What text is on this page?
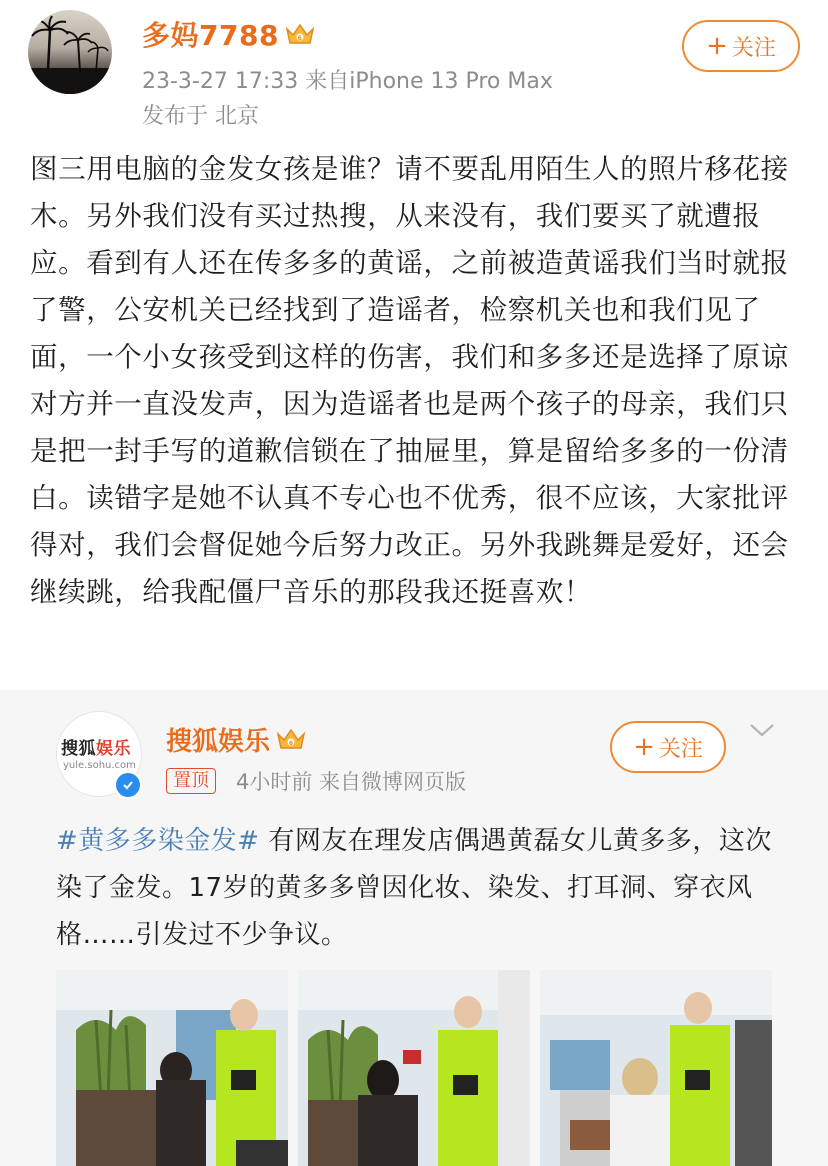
多妈7788	6
23-3-27 17:33 来自iPhone 13 Pro Max
发布于 北京
+ 关注
图三用电脑的金发女孩是谁？请不要乱用陌生人的照片移花接木。另外我们没有买过热搜，从来没有，我们要买了就遭报应。看到有人还在传多多的黄谣，之前被造黄谣我们当时就报了警，公安机关已经找到了造谣者，检察机关也和我们见了面，一个小女孩受到这样的伤害，我们和多多还是选择了原谅对方并一直没发声，因为造谣者也是两个孩子的母亲，我们只是把一封手写的道歉信锁在了抽屉里，算是留给多多的一份清白。读错字是她不认真不专心也不优秀，很不应该，大家批评得对，我们会督促她今后努力改正。另外我跳舞是爱好，还会继续跳，给我配僵尸音乐的那段我还挺喜欢！
搜狐娱乐
yule.sohu.com
搜狐娱乐	6
置顶	4小时前 来自微博网页版
+ 关注
#黄多多染金发# 有网友在理发店偶遇黄磊女儿黄多多，这次染了金发。17岁的黄多多曾因化妆、染发、打耳洞、穿衣风格……引发过不少争议。
